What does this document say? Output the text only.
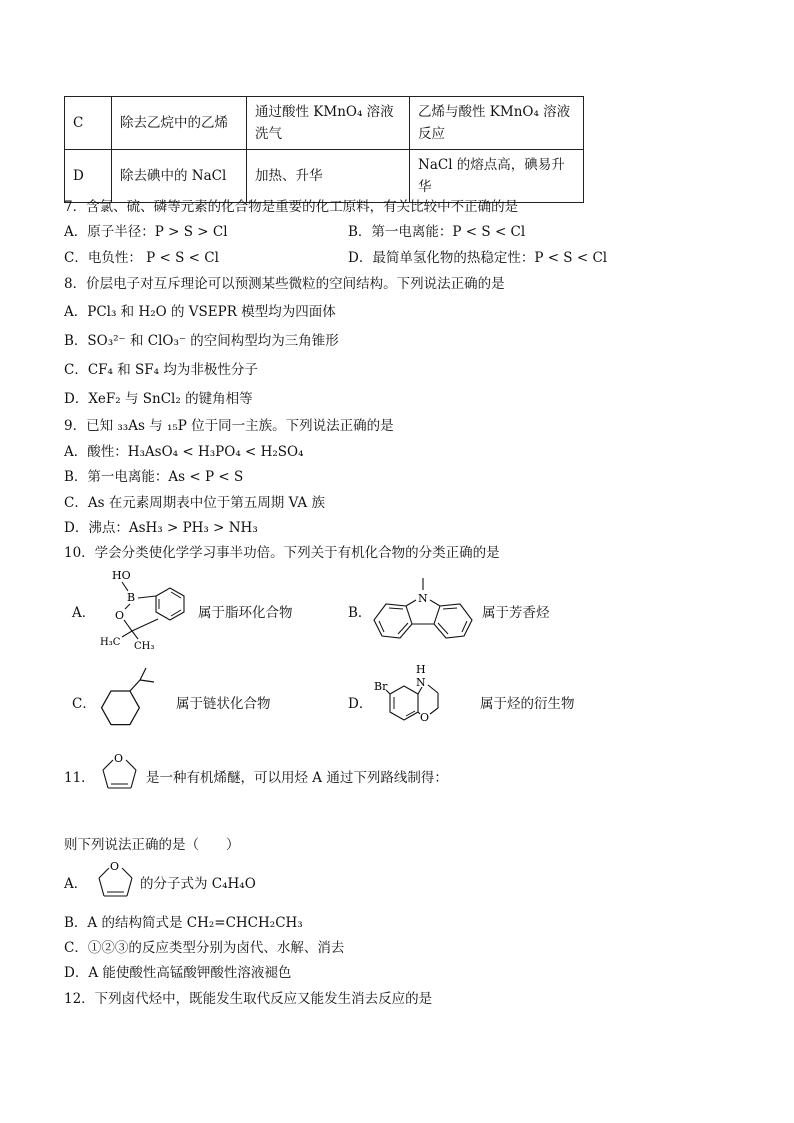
C	除去乙烷中的乙烯	通过酸性 KMnO₄ 溶液洗气	乙烯与酸性 KMnO₄ 溶液反应
D	除去碘中的 NaCl	加热、升华	NaCl 的熔点高，碘易升华
7．含氯、硫、磷等元素的化合物是重要的化工原料，有关比较中不正确的是
A．原子半径：P > S > Cl	B．第一电离能：P < S < Cl
C．电负性： P < S < Cl	D．最简单氢化物的热稳定性：P < S < Cl
8．价层电子对互斥理论可以预测某些微粒的空间结构。下列说法正确的是
A．PCl₃ 和 H₂O 的 VSEPR 模型均为四面体
B．SO₃²⁻ 和 ClO₃⁻ 的空间构型均为三角锥形
C．CF₄ 和 SF₄ 均为非极性分子
D．XeF₂ 与 SnCl₂ 的键角相等
9．已知 ₃₃As 与 ₁₅P 位于同一主族。下列说法正确的是
A．酸性：H₃AsO₄ < H₃PO₄ < H₂SO₄
B．第一电离能：As < P < S
C．As 在元素周期表中位于第五周期 VA 族
D．沸点：AsH₃ > PH₃ > NH₃
10．学会分类使化学学习事半功倍。下列关于有机化合物的分类正确的是
A．
HO
B
O
H₃C CH₃
属于脂环化合物	B．
N
属于芳香烃
C．	属于链状化合物	D．
H
N
Br
O
属于烃的衍生物
11．
O
是一种有机烯醚，可以用烃 A 通过下列路线制得：
则下列说法正确的是（　　）
A．
O
的分子式为 C₄H₄O
B．A 的结构简式是 CH₂=CHCH₂CH₃
C．①②③的反应类型分别为卤代、水解、消去
D．A 能使酸性高锰酸钾酸性溶液褪色
12．下列卤代烃中，既能发生取代反应又能发生消去反应的是
